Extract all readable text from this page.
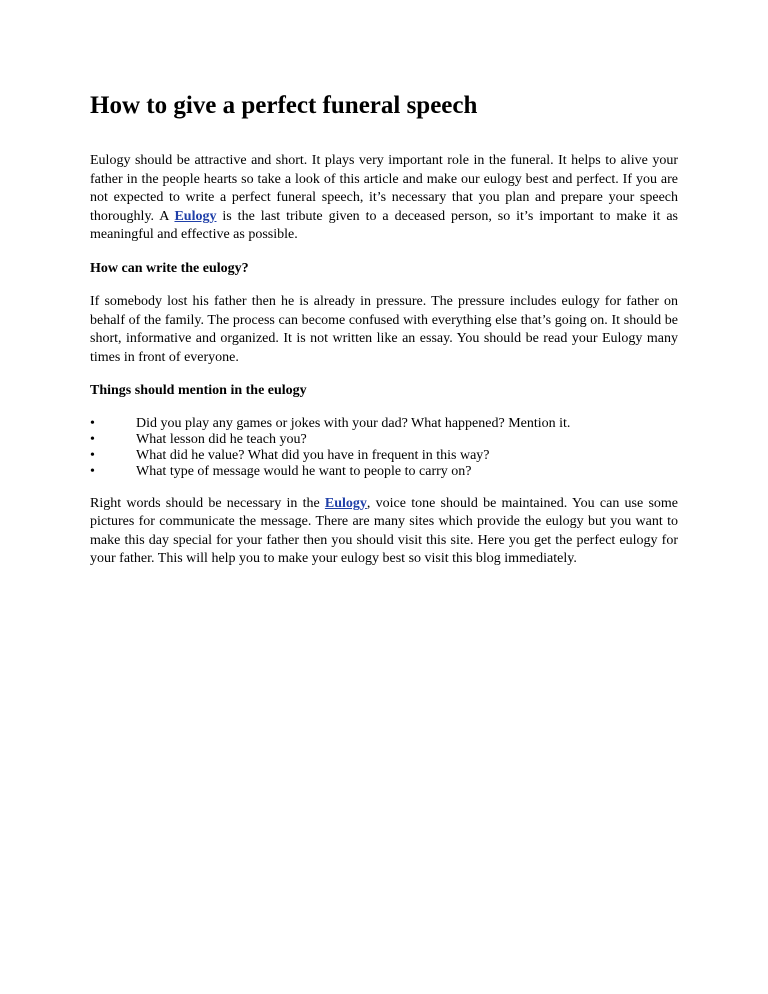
How to give a perfect funeral speech

Eulogy should be attractive and short. It plays very important role in the funeral. It helps to alive your father in the people hearts so take a look of this article and make our eulogy best and perfect. If you are not expected to write a perfect funeral speech, it’s necessary that you plan and prepare your speech thoroughly. A Eulogy is the last tribute given to a deceased person, so it’s important to make it as meaningful and effective as possible.

How can write the eulogy?

If somebody lost his father then he is already in pressure. The pressure includes eulogy for father on behalf of the family. The process can become confused with everything else that’s going on. It should be short, informative and organized. It is not written like an essay. You should be read your Eulogy many times in front of everyone.

Things should mention in the eulogy
•	Did you play any games or jokes with your dad? What happened? Mention it.
•	What lesson did he teach you?
•	What did he value? What did you have in frequent in this way?
•	What type of message would he want to people to carry on?

Right words should be necessary in the Eulogy, voice tone should be maintained. You can use some pictures for communicate the message. There are many sites which provide the eulogy but you want to make this day special for your father then you should visit this site. Here you get the perfect eulogy for your father. This will help you to make your eulogy best so visit this blog immediately.
